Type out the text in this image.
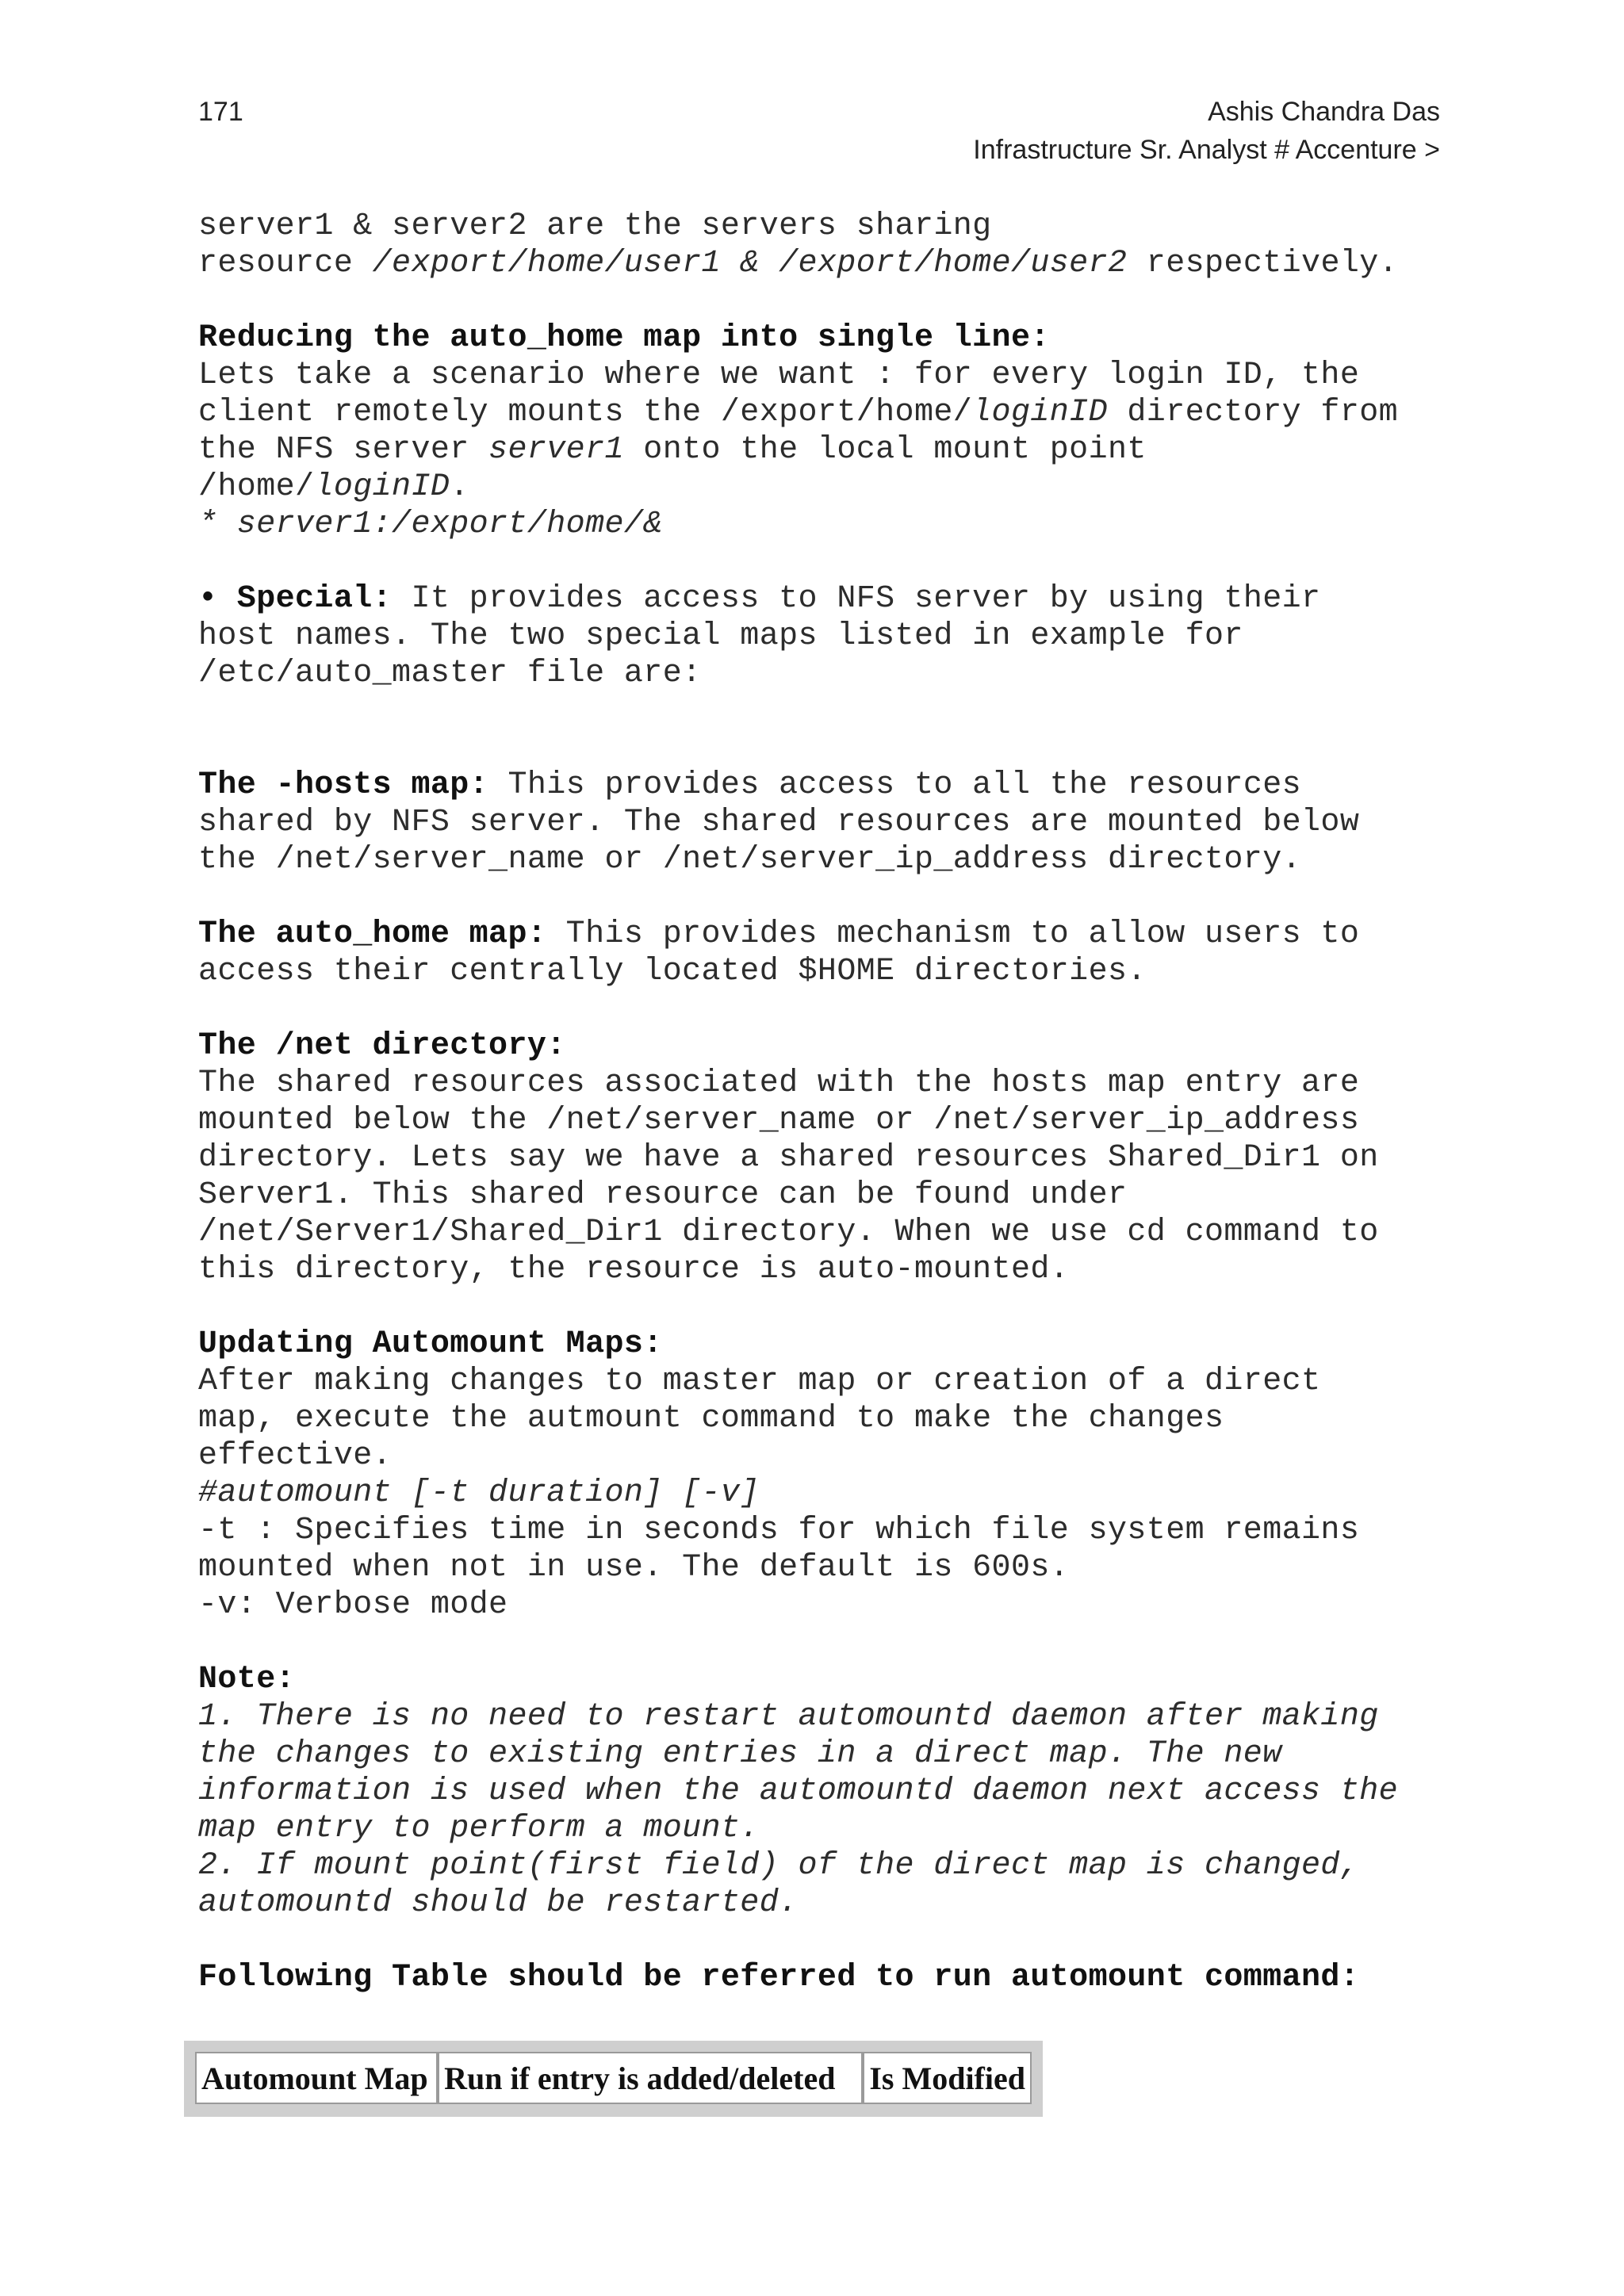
171	Ashis Chandra Das
Infrastructure Sr. Analyst # Accenture >
server1 & server2 are the servers sharing
resource /export/home/user1 & /export/home/user2 respectively.
Reducing the auto_home map into single line:
Lets take a scenario where we want : for every login ID, the
client remotely mounts the /export/home/loginID directory from
the NFS server server1 onto the local mount point
/home/loginID.
* server1:/export/home/&
• Special: It provides access to NFS server by using their
host names. The two special maps listed in example for
/etc/auto_master file are:
The -hosts map: This provides access to all the resources
shared by NFS server. The shared resources are mounted below
the /net/server_name or /net/server_ip_address directory.
The auto_home map: This provides mechanism to allow users to
access their centrally located $HOME directories.
The /net directory:
The shared resources associated with the hosts map entry are
mounted below the /net/server_name or /net/server_ip_address
directory. Lets say we have a shared resources Shared_Dir1 on
Server1. This shared resource can be found under
/net/Server1/Shared_Dir1 directory. When we use cd command to
this directory, the resource is auto-mounted.
Updating Automount Maps:
After making changes to master map or creation of a direct
map, execute the autmount command to make the changes
effective.
#automount [-t duration] [-v]
-t : Specifies time in seconds for which file system remains
mounted when not in use. The default is 600s.
-v: Verbose mode
Note:
1. There is no need to restart automountd daemon after making
the changes to existing entries in a direct map. The new
information is used when the automountd daemon next access the
map entry to perform a mount.
2. If mount point(first field) of the direct map is changed,
automountd should be restarted.
Following Table should be referred to run automount command:
Automount Map Run if entry is added/deleted	Is Modified
